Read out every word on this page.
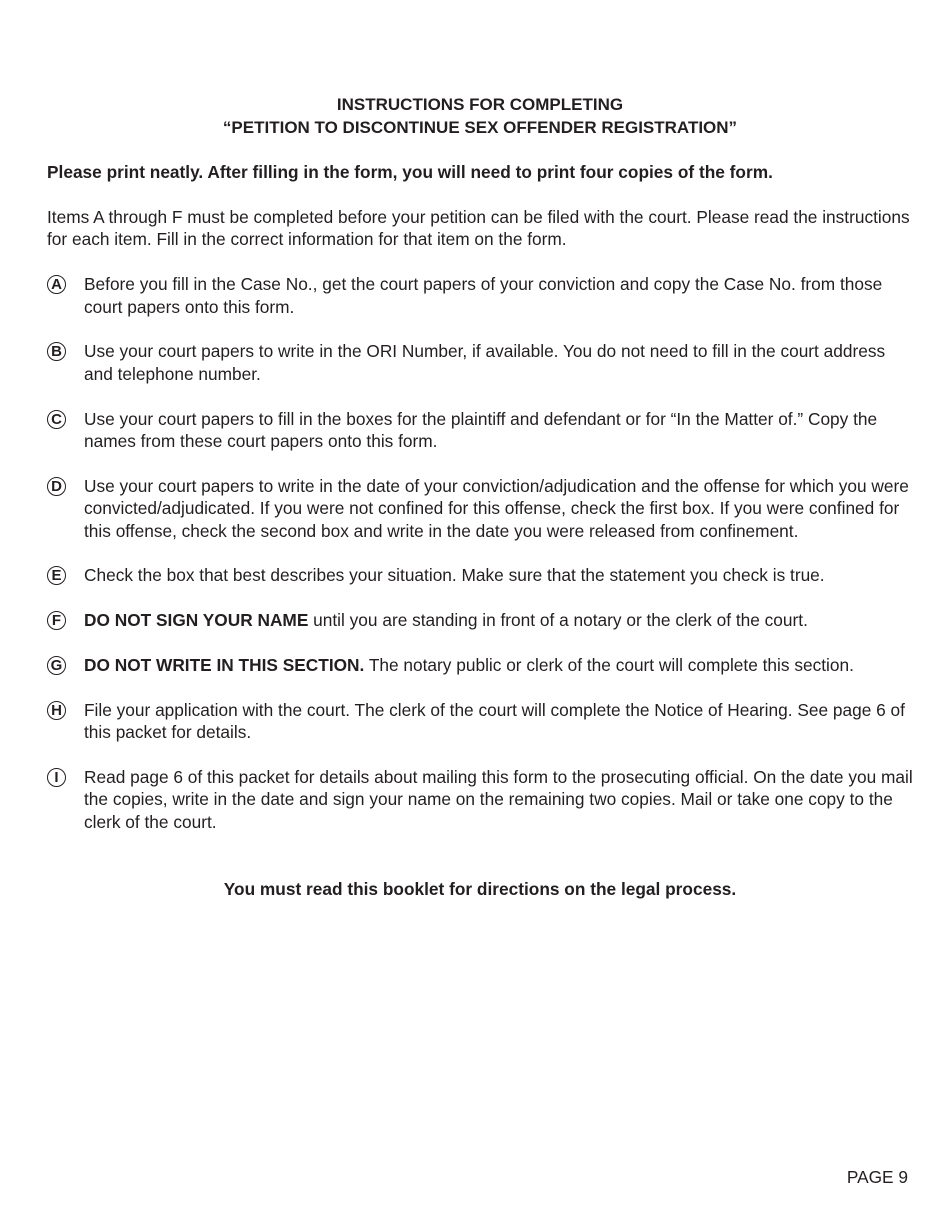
INSTRUCTIONS FOR COMPLETING
“PETITION TO DISCONTINUE SEX OFFENDER REGISTRATION”
Please print neatly. After filling in the form, you will need to print four copies of the form.
Items A through F must be completed before your petition can be filed with the court. Please read the instructions for each item. Fill in the correct information for that item on the form.
A Before you fill in the Case No., get the court papers of your conviction and copy the Case No. from those court papers onto this form.
B Use your court papers to write in the ORI Number, if available. You do not need to fill in the court address and telephone number.
C Use your court papers to fill in the boxes for the plaintiff and defendant or for “In the Matter of.” Copy the names from these court papers onto this form.
D Use your court papers to write in the date of your conviction/adjudication and the offense for which you were convicted/adjudicated. If you were not confined for this offense, check the first box. If you were confined for this offense, check the second box and write in the date you were released from confinement.
E Check the box that best describes your situation. Make sure that the statement you check is true.
F DO NOT SIGN YOUR NAME until you are standing in front of a notary or the clerk of the court.
G DO NOT WRITE IN THIS SECTION. The notary public or clerk of the court will complete this section.
H File your application with the court. The clerk of the court will complete the Notice of Hearing. See page 6 of this packet for details.
I	Read page 6 of this packet for details about mailing this form to the prosecuting official. On the date you mail the copies, write in the date and sign your name on the remaining two copies. Mail or take one copy to the clerk of the court.
You must read this booklet for directions on the legal process.
PAGE 9
